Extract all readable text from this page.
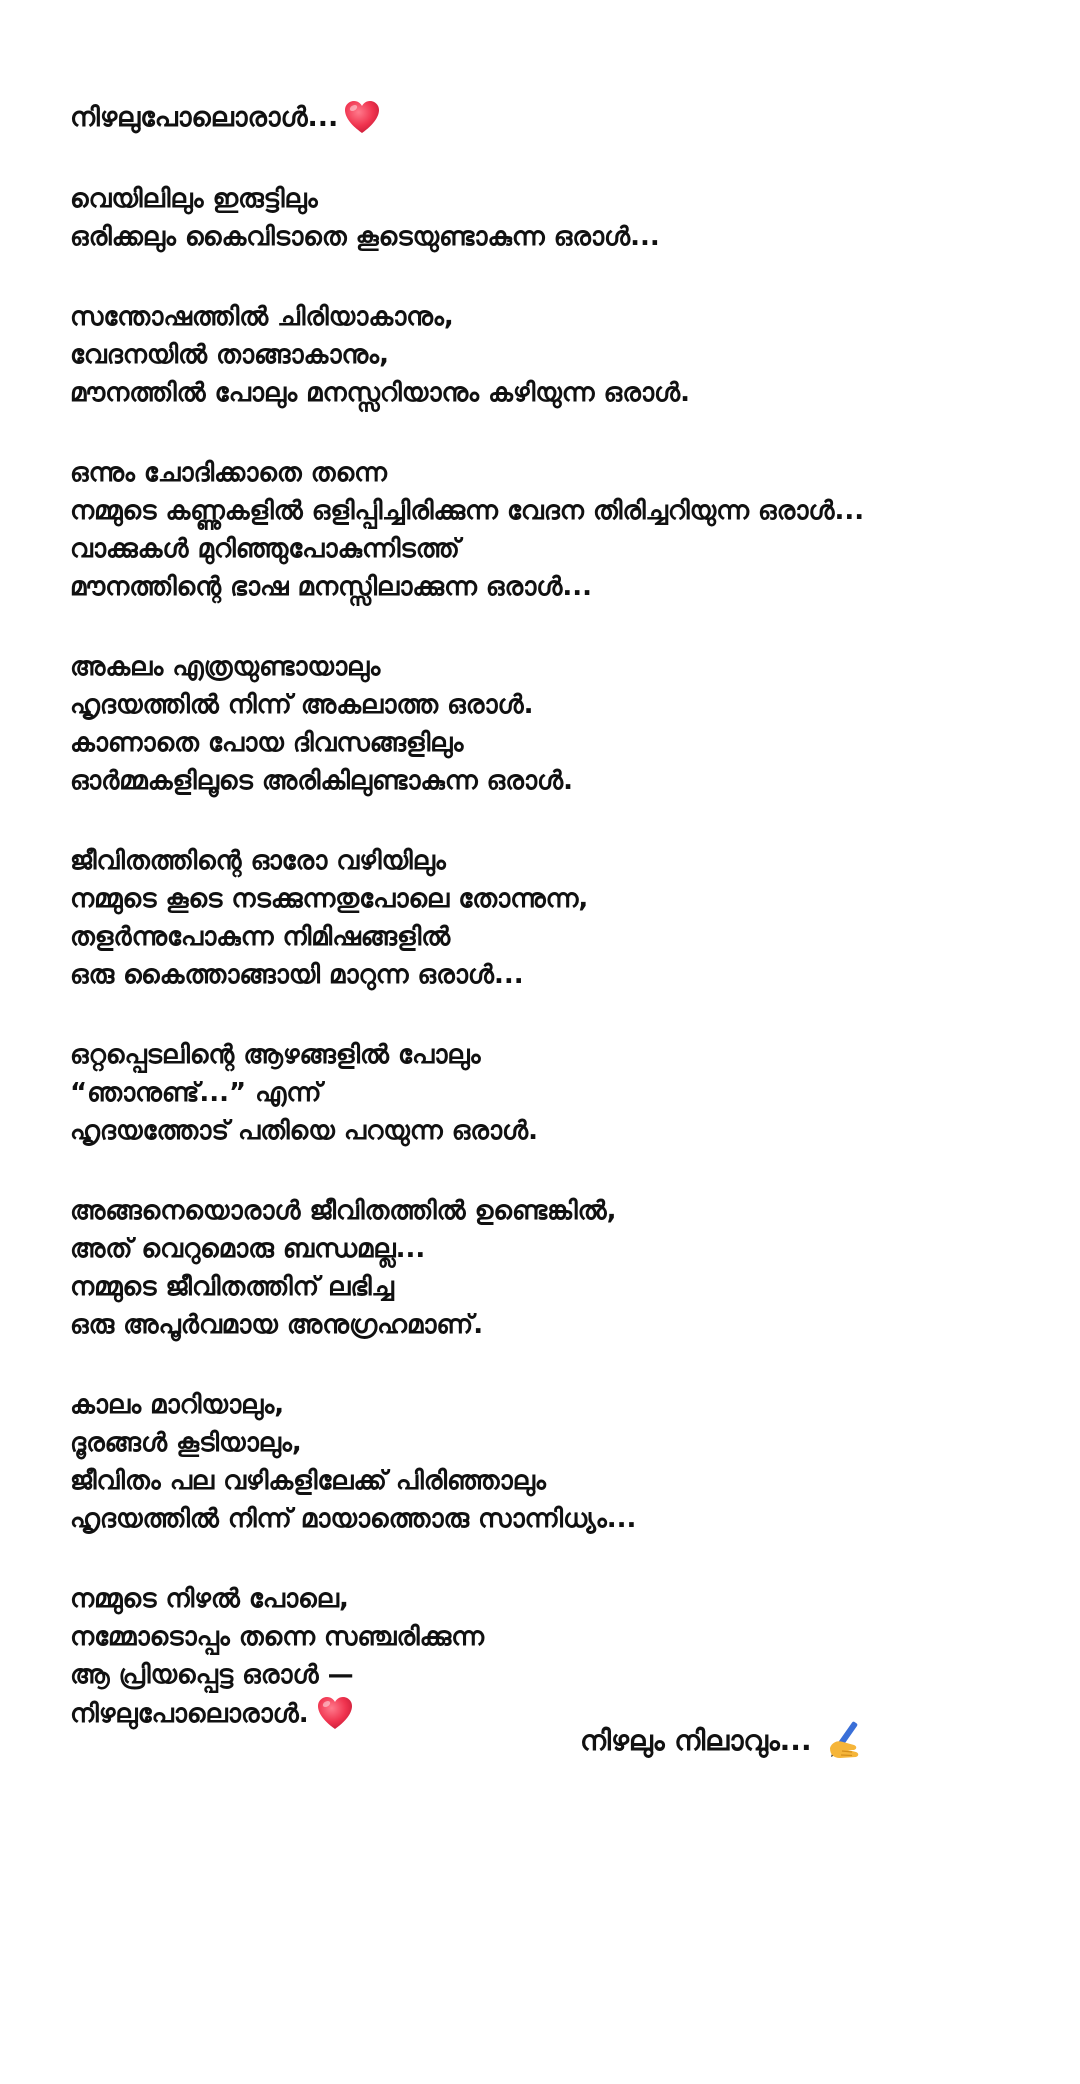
നിഴലുപോലൊരാൾ...
വെയിലിലും ഇരുട്ടിലും
ഒരിക്കലും കൈവിടാതെ കൂടെയുണ്ടാകുന്ന ഒരാൾ...
സന്തോഷത്തിൽ ചിരിയാകാനും,
വേദനയിൽ താങ്ങാകാനും,
മൗനത്തിൽ പോലും മനസ്സറിയാനും കഴിയുന്ന ഒരാൾ.
ഒന്നും ചോദിക്കാതെ തന്നെ
നമ്മുടെ കണ്ണുകളിൽ ഒളിപ്പിച്ചിരിക്കുന്ന വേദന തിരിച്ചറിയുന്ന ഒരാൾ...
വാക്കുകൾ മുറിഞ്ഞുപോകുന്നിടത്ത്
മൗനത്തിന്റെ ഭാഷ മനസ്സിലാക്കുന്ന ഒരാൾ...
അകലം എത്രയുണ്ടായാലും
ഹൃദയത്തിൽ നിന്ന് അകലാത്ത ഒരാൾ.
കാണാതെ പോയ ദിവസങ്ങളിലും
ഓർമ്മകളിലൂടെ അരികിലുണ്ടാകുന്ന ഒരാൾ.
ജീവിതത്തിന്റെ ഓരോ വഴിയിലും
നമ്മുടെ കൂടെ നടക്കുന്നതുപോലെ തോന്നുന്ന,
തളർന്നുപോകുന്ന നിമിഷങ്ങളിൽ
ഒരു കൈത്താങ്ങായി മാറുന്ന ഒരാൾ...
ഒറ്റപ്പെടലിന്റെ ആഴങ്ങളിൽ പോലും
“ഞാനുണ്ട്...” എന്ന്
ഹൃദയത്തോട് പതിയെ പറയുന്ന ഒരാൾ.
അങ്ങനെയൊരാൾ ജീവിതത്തിൽ ഉണ്ടെങ്കിൽ,
അത് വെറുമൊരു ബന്ധമല്ല...
നമ്മുടെ ജീവിതത്തിന് ലഭിച്ച
ഒരു അപൂർവമായ അനുഗ്രഹമാണ്.
കാലം മാറിയാലും,
ദൂരങ്ങൾ കൂടിയാലും,
ജീവിതം പല വഴികളിലേക്ക് പിരിഞ്ഞാലും
ഹൃദയത്തിൽ നിന്ന് മായാത്തൊരു സാന്നിധ്യം...
നമ്മുടെ നിഴൽ പോലെ,
നമ്മോടൊപ്പം തന്നെ സഞ്ചരിക്കുന്ന
ആ പ്രിയപ്പെട്ട ഒരാൾ —
നിഴലുപോലൊരാൾ.
നിഴലും നിലാവും...
